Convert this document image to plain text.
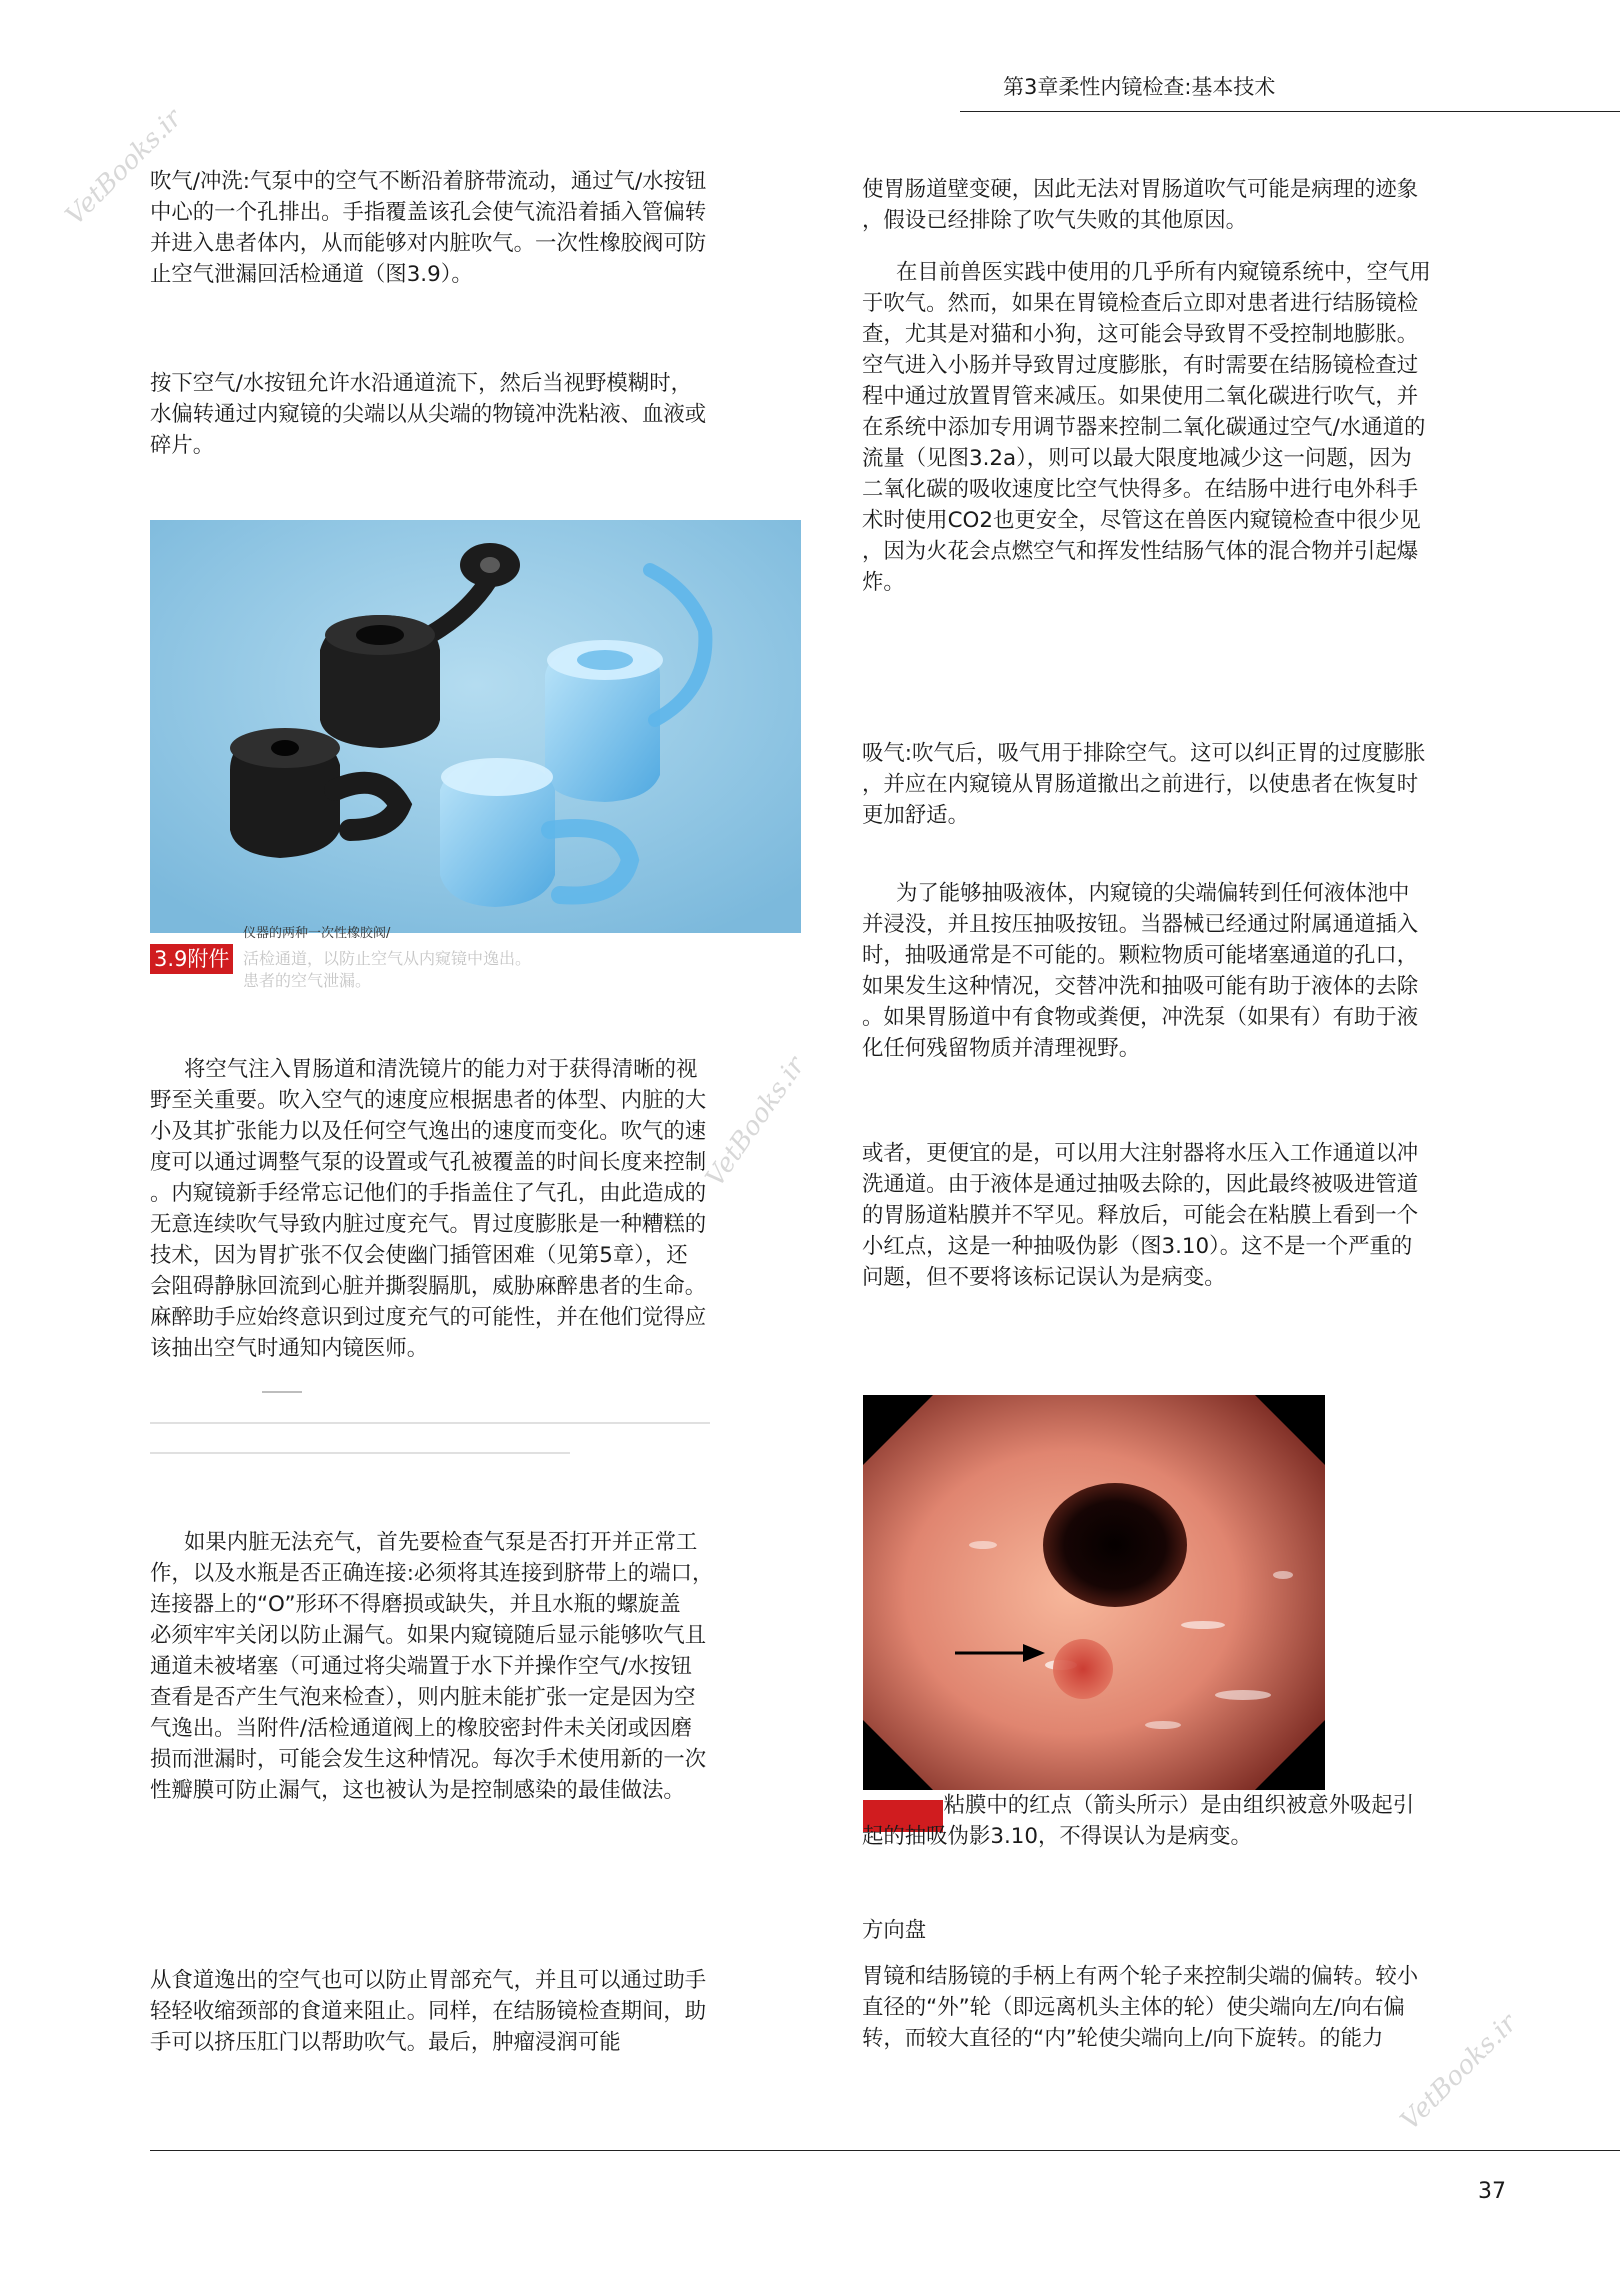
第3章柔性内镜检查:基本技术
VetBooks.ir
VetBooks.ir
VetBooks.ir

吹气/冲洗:气泵中的空气不断沿着脐带流动，通过气/水按钮
中心的一个孔排出。手指覆盖该孔会使气流沿着插入管偏转
并进入患者体内，从而能够对内脏吹气。一次性橡胶阀可防
止空气泄漏回活检通道（图3.9）。

按下空气/水按钮允许水沿通道流下，然后当视野模糊时，
水偏转通过内窥镜的尖端以从尖端的物镜冲洗粘液、血液或
碎片。

仪器的两种一次性橡胶阀/
3.9附件 活检通道，以防止空气从内窥镜中逸出。
患者的空气泄漏。

将空气注入胃肠道和清洗镜片的能力对于获得清晰的视
野至关重要。吹入空气的速度应根据患者的体型、内脏的大
小及其扩张能力以及任何空气逸出的速度而变化。吹气的速
度可以通过调整气泵的设置或气孔被覆盖的时间长度来控制
。内窥镜新手经常忘记他们的手指盖住了气孔，由此造成的
无意连续吹气导致内脏过度充气。胃过度膨胀是一种糟糕的
技术，因为胃扩张不仅会使幽门插管困难（见第5章），还
会阻碍静脉回流到心脏并撕裂膈肌，威胁麻醉患者的生命。
麻醉助手应始终意识到过度充气的可能性，并在他们觉得应
该抽出空气时通知内镜医师。

如果内脏无法充气，首先要检查气泵是否打开并正常工
作，以及水瓶是否正确连接:必须将其连接到脐带上的端口，
连接器上的“O”形环不得磨损或缺失，并且水瓶的螺旋盖
必须牢牢关闭以防止漏气。如果内窥镜随后显示能够吹气且
通道未被堵塞（可通过将尖端置于水下并操作空气/水按钮
查看是否产生气泡来检查），则内脏未能扩张一定是因为空
气逸出。当附件/活检通道阀上的橡胶密封件未关闭或因磨
损而泄漏时，可能会发生这种情况。每次手术使用新的一次
性瓣膜可防止漏气，这也被认为是控制感染的最佳做法。

从食道逸出的空气也可以防止胃部充气，并且可以通过助手
轻轻收缩颈部的食道来阻止。同样，在结肠镜检查期间，助
手可以挤压肛门以帮助吹气。最后，肿瘤浸润可能

使胃肠道壁变硬，因此无法对胃肠道吹气可能是病理的迹象
，假设已经排除了吹气失败的其他原因。

在目前兽医实践中使用的几乎所有内窥镜系统中，空气用
于吹气。然而，如果在胃镜检查后立即对患者进行结肠镜检
查，尤其是对猫和小狗，这可能会导致胃不受控制地膨胀。
空气进入小肠并导致胃过度膨胀，有时需要在结肠镜检查过
程中通过放置胃管来减压。如果使用二氧化碳进行吹气，并
在系统中添加专用调节器来控制二氧化碳通过空气/水通道的
流量（见图3.2a），则可以最大限度地减少这一问题，因为
二氧化碳的吸收速度比空气快得多。在结肠中进行电外科手
术时使用CO2也更安全，尽管这在兽医内窥镜检查中很少见
，因为火花会点燃空气和挥发性结肠气体的混合物并引起爆
炸。

吸气:吹气后，吸气用于排除空气。这可以纠正胃的过度膨胀
，并应在内窥镜从胃肠道撤出之前进行，以使患者在恢复时
更加舒适。

为了能够抽吸液体，内窥镜的尖端偏转到任何液体池中
并浸没，并且按压抽吸按钮。当器械已经通过附属通道插入
时，抽吸通常是不可能的。颗粒物质可能堵塞通道的孔口，
如果发生这种情况，交替冲洗和抽吸可能有助于液体的去除
。如果胃肠道中有食物或粪便，冲洗泵（如果有）有助于液
化任何残留物质并清理视野。

或者，更便宜的是，可以用大注射器将水压入工作通道以冲
洗通道。由于液体是通过抽吸去除的，因此最终被吸进管道
的胃肠道粘膜并不罕见。释放后，可能会在粘膜上看到一个
小红点，这是一种抽吸伪影（图3.10）。这不是一个严重的
问题，但不要将该标记误认为是病变。

粘膜中的红点（箭头所示）是由组织被意外吸起引
起的抽吸伪影3.10，不得误认为是病变。

方向盘

胃镜和结肠镜的手柄上有两个轮子来控制尖端的偏转。较小
直径的“外”轮（即远离机头主体的轮）使尖端向左/向右偏
转，而较大直径的“内”轮使尖端向上/向下旋转。的能力

37
